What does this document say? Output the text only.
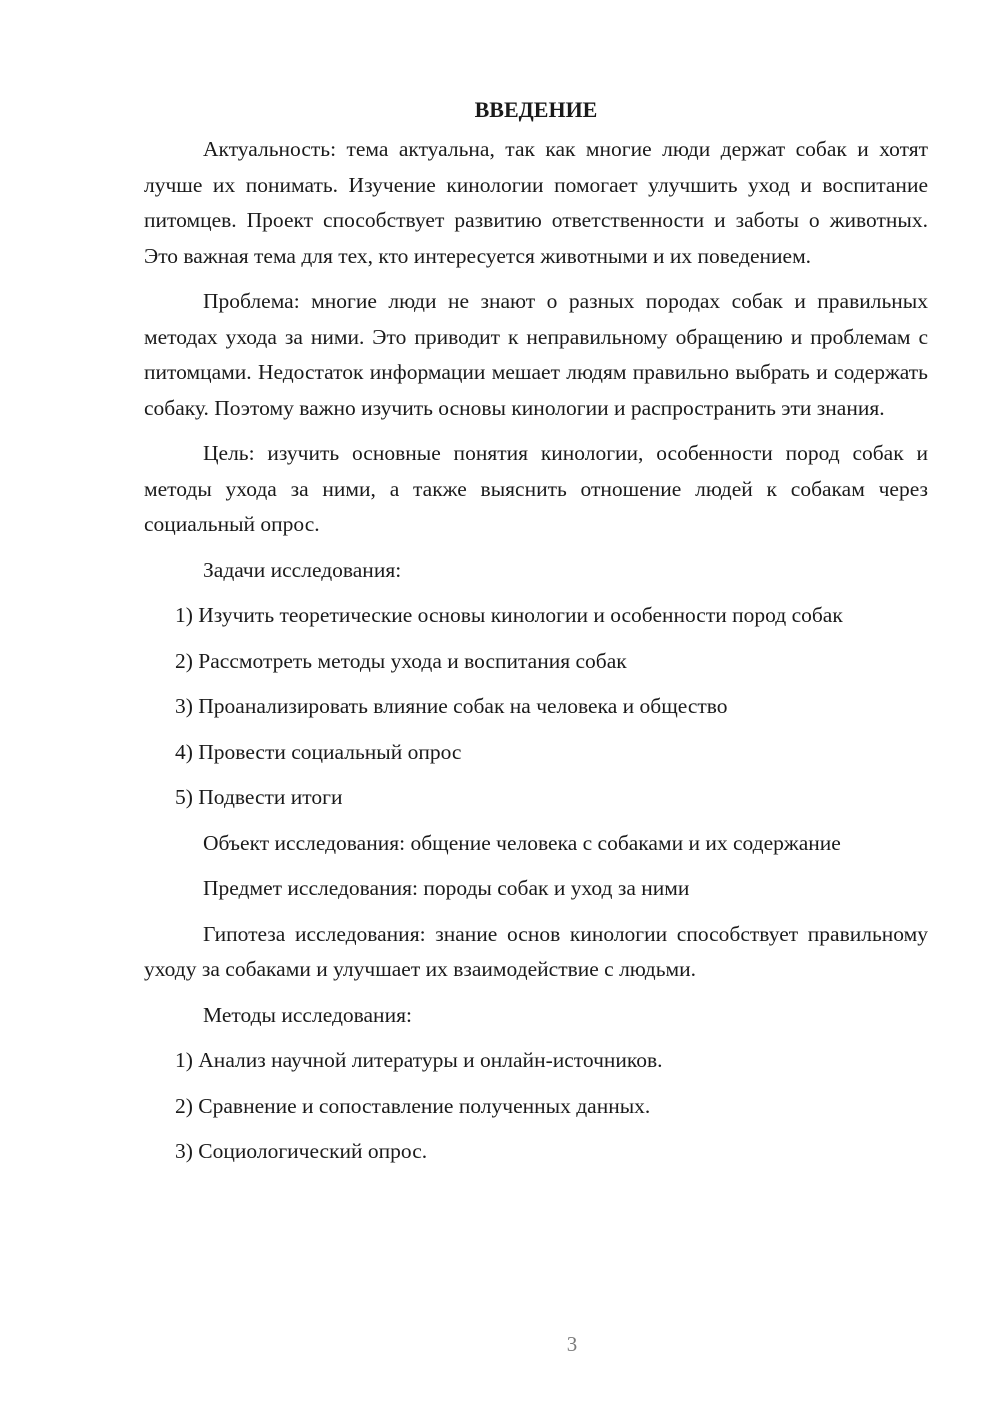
ВВЕДЕНИЕ

Актуальность: тема актуальна, так как многие люди держат собак и хотят лучше их понимать. Изучение кинологии помогает улучшить уход и воспитание питомцев. Проект способствует развитию ответственности и заботы о животных. Это важная тема для тех, кто интересуется животными и их поведением.

Проблема: многие люди не знают о разных породах собак и правильных методах ухода за ними. Это приводит к неправильному обращению и проблемам с питомцами. Недостаток информации мешает людям правильно выбрать и содержать собаку. Поэтому важно изучить основы кинологии и распространить эти знания.

Цель: изучить основные понятия кинологии, особенности пород собак и методы ухода за ними, а также выяснить отношение людей к собакам через социальный опрос.

Задачи исследования:

1) Изучить теоретические основы кинологии и особенности пород собак

2) Рассмотреть методы ухода и воспитания собак

3) Проанализировать влияние собак на человека и общество

4) Провести социальный опрос

5) Подвести итоги

Объект исследования: общение человека с собаками и их содержание

Предмет исследования: породы собак и уход за ними

Гипотеза исследования: знание основ кинологии способствует правильному уходу за собаками и улучшает их взаимодействие с людьми.

Методы исследования:

1) Анализ научной литературы и онлайн-источников.

2) Сравнение и сопоставление полученных данных.

3) Социологический опрос.

3
